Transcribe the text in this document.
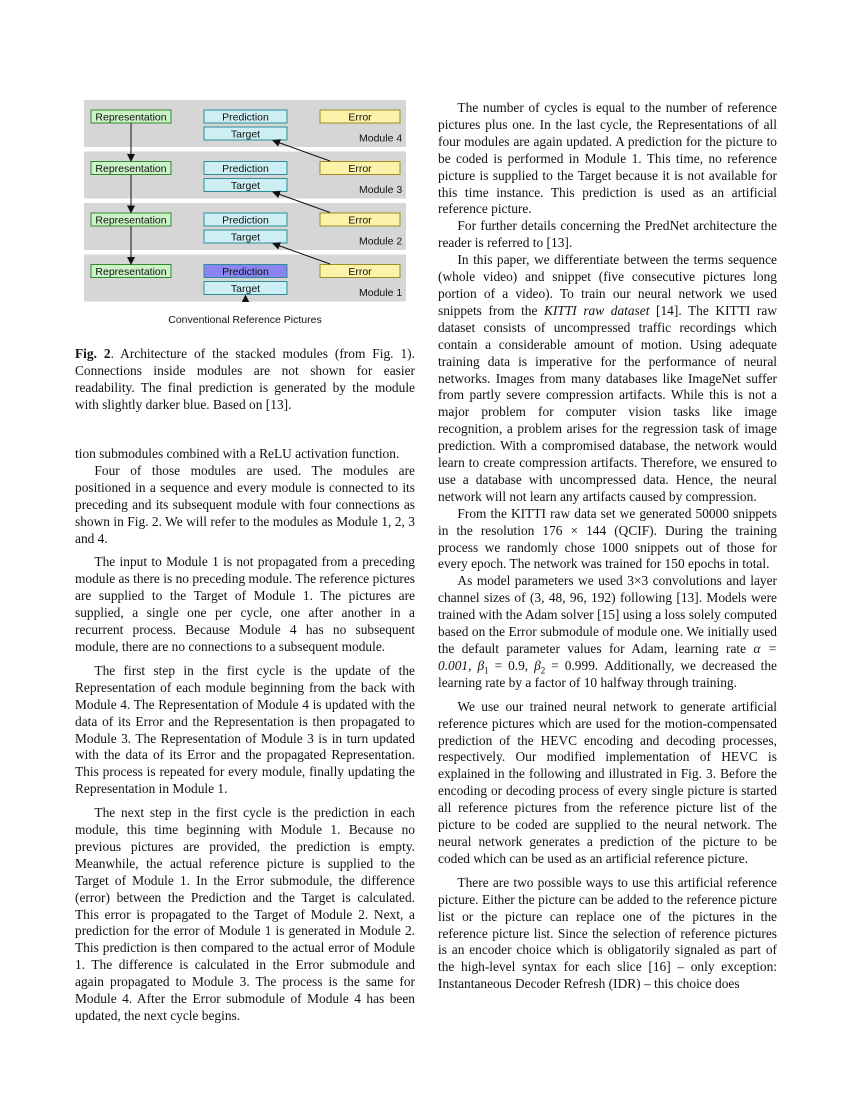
Representation	Prediction
Target
Error
Module 4
Representation	Prediction
Target
Error
Module 3
Representation	Prediction
Target
Error
Module 2
Representation	Prediction
Target
Error
Module 1
Conventional Reference Pictures
Fig. 2. Architecture of the stacked modules (from Fig. 1). Connections inside modules are not shown for easier readability. The final prediction is generated by the module with slightly darker blue. Based on [13].

tion submodules combined with a ReLU activation function.

Four of those modules are used. The modules are positioned in a sequence and every module is connected to its preceding and its subsequent module with four connections as shown in Fig. 2. We will refer to the modules as Module 1, 2, 3 and 4.

The input to Module 1 is not propagated from a preceding module as there is no preceding module. The reference pictures are supplied to the Target of Module 1. The pictures are supplied, a single one per cycle, one after another in a recurrent process. Because Module 4 has no subsequent module, there are no connections to a subsequent module.

The first step in the first cycle is the update of the Representation of each module beginning from the back with Module 4. The Representation of Module 4 is updated with the data of its Error and the Representation is then propagated to Module 3. The Representation of Module 3 is in turn updated with the data of its Error and the propagated Representation. This process is repeated for every module, finally updating the Representation in Module 1.

The next step in the first cycle is the prediction in each module, this time beginning with Module 1. Because no previous pictures are provided, the prediction is empty. Meanwhile, the actual reference picture is supplied to the Target of Module 1. In the Error submodule, the difference (error) between the Prediction and the Target is calculated. This error is propagated to the Target of Module 2. Next, a prediction for the error of Module 1 is generated in Module 2. This prediction is then compared to the actual error of Module 1. The difference is calculated in the Error submodule and again propagated to Module 3. The process is the same for Module 4. After the Error submodule of Module 4 has been updated, the next cycle begins.

The number of cycles is equal to the number of reference pictures plus one. In the last cycle, the Representations of all four modules are again updated. A prediction for the picture to be coded is performed in Module 1. This time, no reference picture is supplied to the Target because it is not available for this time instance. This prediction is used as an artificial reference picture.

For further details concerning the PredNet architecture the reader is referred to [13].

In this paper, we differentiate between the terms sequence (whole video) and snippet (five consecutive pictures long portion of a video). To train our neural network we used snippets from the KITTI raw dataset [14]. The KITTI raw dataset consists of uncompressed traffic recordings which contain a considerable amount of motion. Using adequate training data is imperative for the performance of neural networks. Images from many databases like ImageNet suffer from partly severe compression artifacts. While this is not a major problem for computer vision tasks like image recognition, a problem arises for the regression task of image prediction. With a compromised database, the network would learn to create compression artifacts. Therefore, we ensured to use a database with uncompressed data. Hence, the neural network will not learn any artifacts caused by compression.

From the KITTI raw data set we generated 50000 snippets in the resolution 176 × 144 (QCIF). During the training process we randomly chose 1000 snippets out of those for every epoch. The network was trained for 150 epochs in total.

As model parameters we used 3×3 convolutions and layer channel sizes of (3, 48, 96, 192) following [13]. Models were trained with the Adam solver [15] using a loss solely computed based on the Error submodule of module one. We initially used the default parameter values for Adam, learning rate α = 0.001, $\beta_1 = 0.9$, $\beta_2 = 0.999$. Additionally, we decreased the learning rate by a factor of 10 halfway through training.

We use our trained neural network to generate artificial reference pictures which are used for the motion-compensated prediction of the HEVC encoding and decoding processes, respectively. Our modified implementation of HEVC is explained in the following and illustrated in Fig. 3. Before the encoding or decoding process of every single picture is started all reference pictures from the reference picture list of the picture to be coded are supplied to the neural network. The neural network generates a prediction of the picture to be coded which can be used as an artificial reference picture.

There are two possible ways to use this artificial reference picture. Either the picture can be added to the reference picture list or the picture can replace one of the pictures in the reference picture list. Since the selection of reference pictures is an encoder choice which is obligatorily signaled as part of the high-level syntax for each slice [16] – only exception: Instantaneous Decoder Refresh (IDR) – this choice does
